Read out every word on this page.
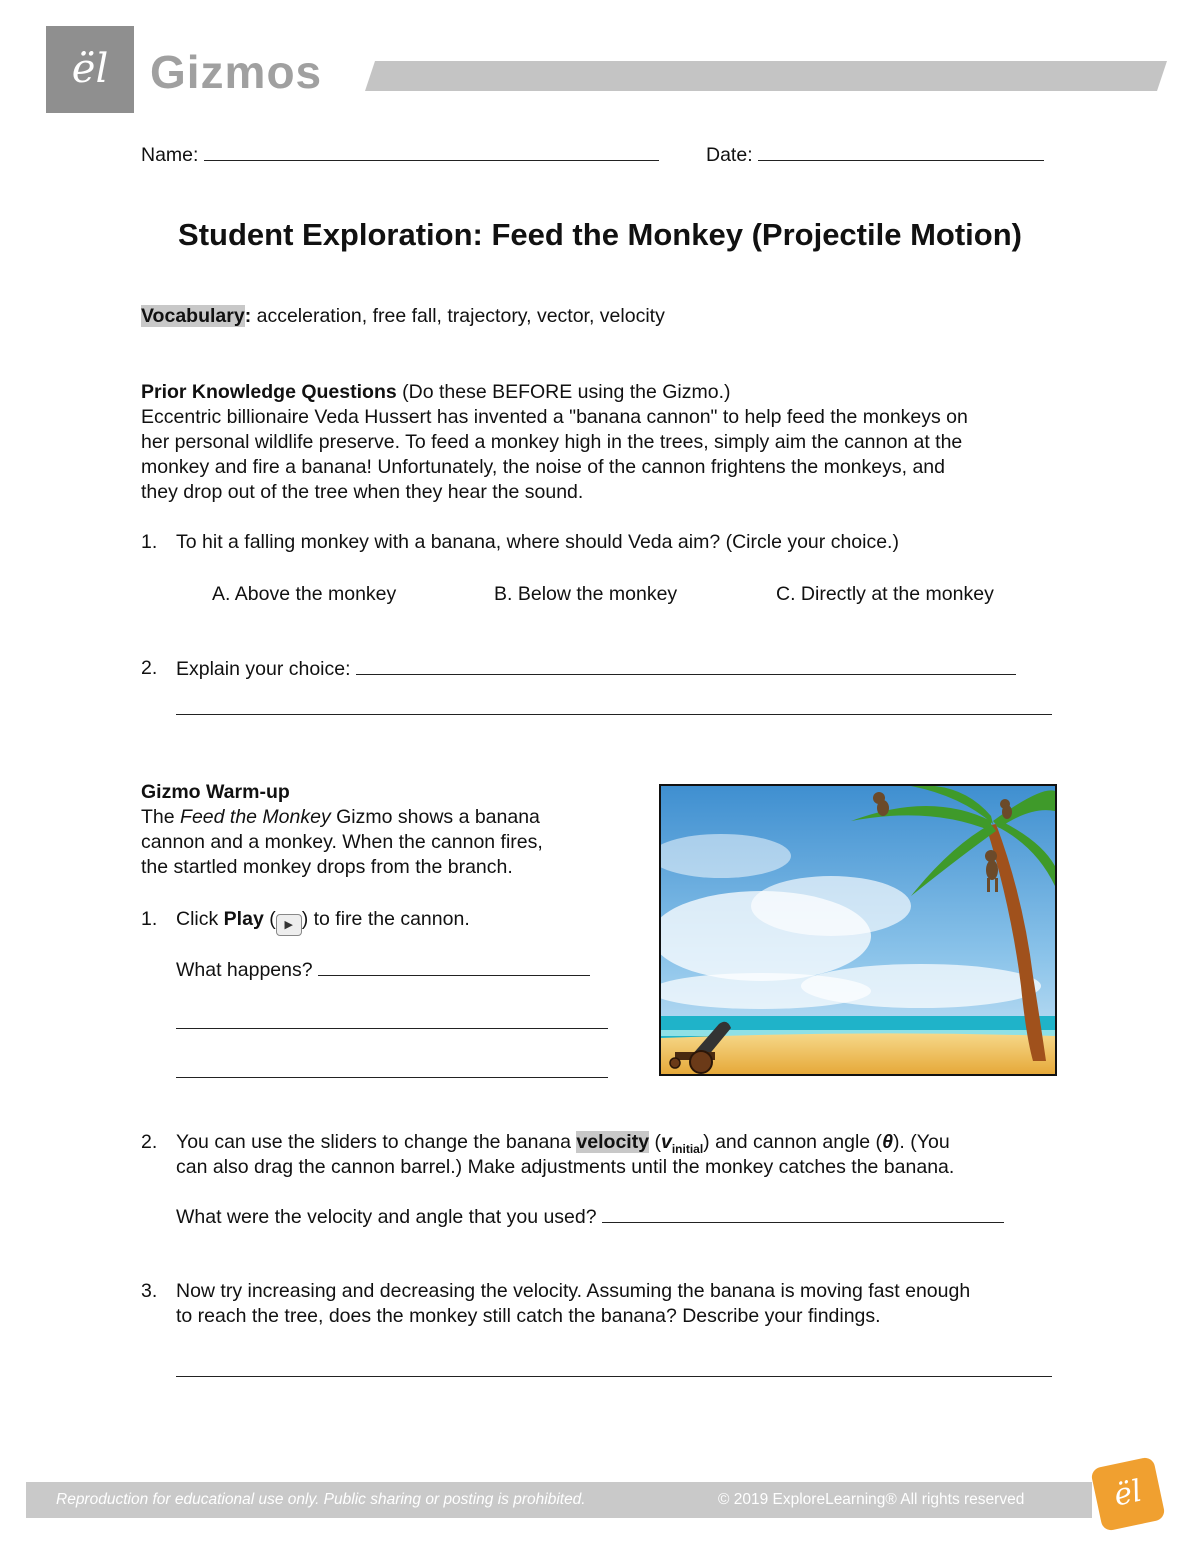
ël Gizmos
Name:	Date:
Student Exploration: Feed the Monkey (Projectile Motion)
Vocabulary: acceleration, free fall, trajectory, vector, velocity
Prior Knowledge Questions (Do these BEFORE using the Gizmo.)
Eccentric billionaire Veda Hussert has invented a "banana cannon" to help feed the monkeys on
her personal wildlife preserve. To feed a monkey high in the trees, simply aim the cannon at the
monkey and fire a banana! Unfortunately, the noise of the cannon frightens the monkeys, and
they drop out of the tree when they hear the sound.
1. To hit a falling monkey with a banana, where should Veda aim? (Circle your choice.)
A. Above the monkey	B. Below the monkey	C. Directly at the monkey
2. Explain your choice:
Gizmo Warm-up
The Feed the Monkey Gizmo shows a banana
cannon and a monkey. When the cannon fires,
the startled monkey drops from the branch.
1. Click Play ( ▶ ) to fire the cannon.
What happens?
2. You can use the sliders to change the banana velocity $(v_{initial})$ and cannon angle (θ). (You
can also drag the cannon barrel.) Make adjustments until the monkey catches the banana.
What were the velocity and angle that you used?
3. Now try increasing and decreasing the velocity. Assuming the banana is moving fast enough
to reach the tree, does the monkey still catch the banana? Describe your findings.
Reproduction for educational use only. Public sharing or posting is prohibited.	© 2019 ExploreLearning® All rights reserved	ël
